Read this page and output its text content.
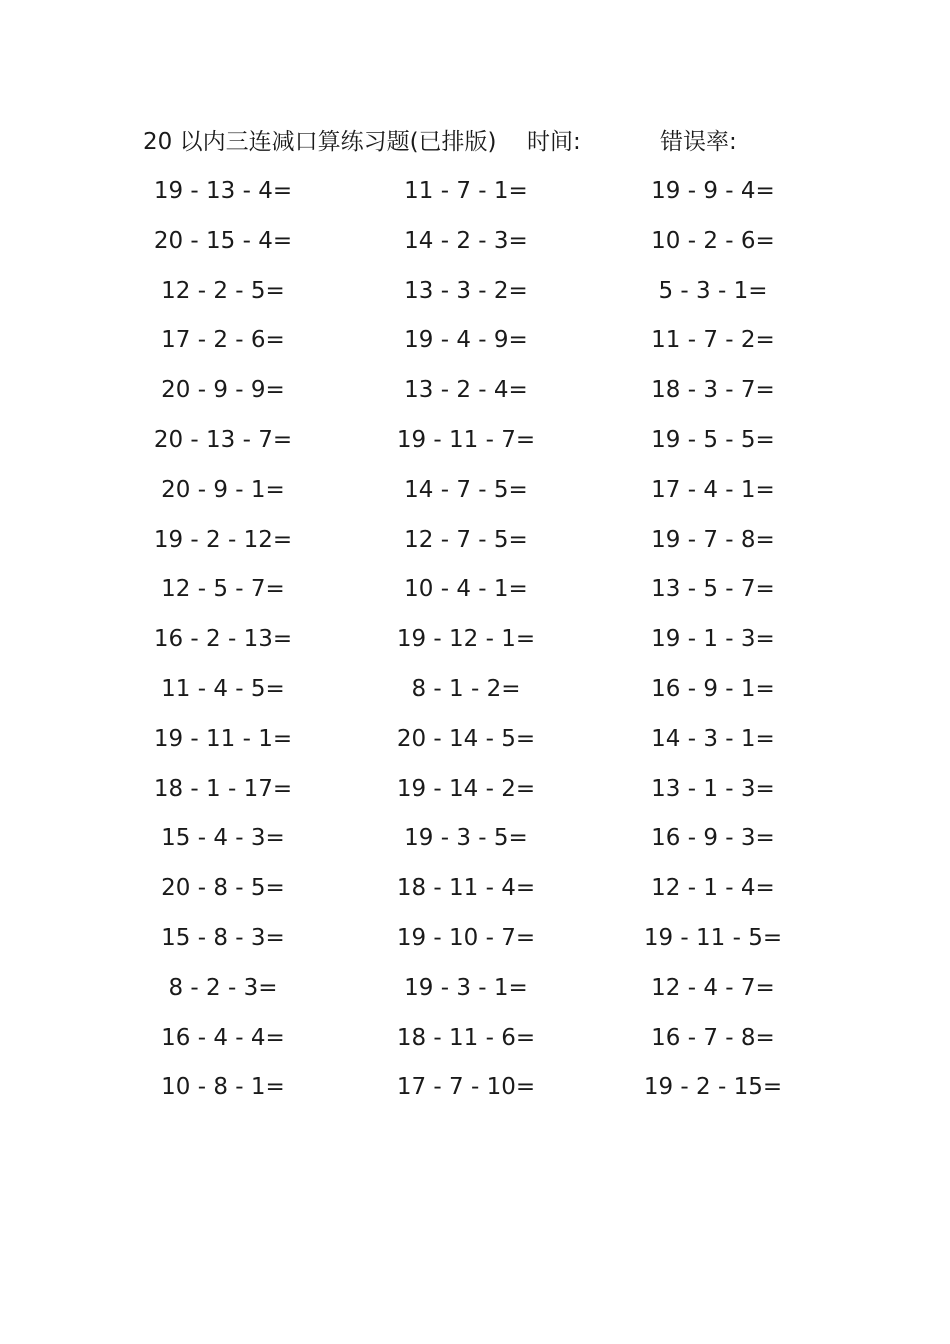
20 以内三连减口算练习题(已排版) 时间:	错误率:
19 - 13 - 4=	11 - 7 - 1=	19 - 9 - 4=
20 - 15 - 4=	14 - 2 - 3=	10 - 2 - 6=
12 - 2 - 5=	13 - 3 - 2=	5 - 3 - 1=
17 - 2 - 6=	19 - 4 - 9=	11 - 7 - 2=
20 - 9 - 9=	13 - 2 - 4=	18 - 3 - 7=
20 - 13 - 7=	19 - 11 - 7=	19 - 5 - 5=
20 - 9 - 1=	14 - 7 - 5=	17 - 4 - 1=
19 - 2 - 12=	12 - 7 - 5=	19 - 7 - 8=
12 - 5 - 7=	10 - 4 - 1=	13 - 5 - 7=
16 - 2 - 13=	19 - 12 - 1=	19 - 1 - 3=
11 - 4 - 5=	8 - 1 - 2=	16 - 9 - 1=
19 - 11 - 1=	20 - 14 - 5=	14 - 3 - 1=
18 - 1 - 17=	19 - 14 - 2=	13 - 1 - 3=
15 - 4 - 3=	19 - 3 - 5=	16 - 9 - 3=
20 - 8 - 5=	18 - 11 - 4=	12 - 1 - 4=
15 - 8 - 3=	19 - 10 - 7=	19 - 11 - 5=
8 - 2 - 3=	19 - 3 - 1=	12 - 4 - 7=
16 - 4 - 4=	18 - 11 - 6=	16 - 7 - 8=
10 - 8 - 1=	17 - 7 - 10=	19 - 2 - 15=
